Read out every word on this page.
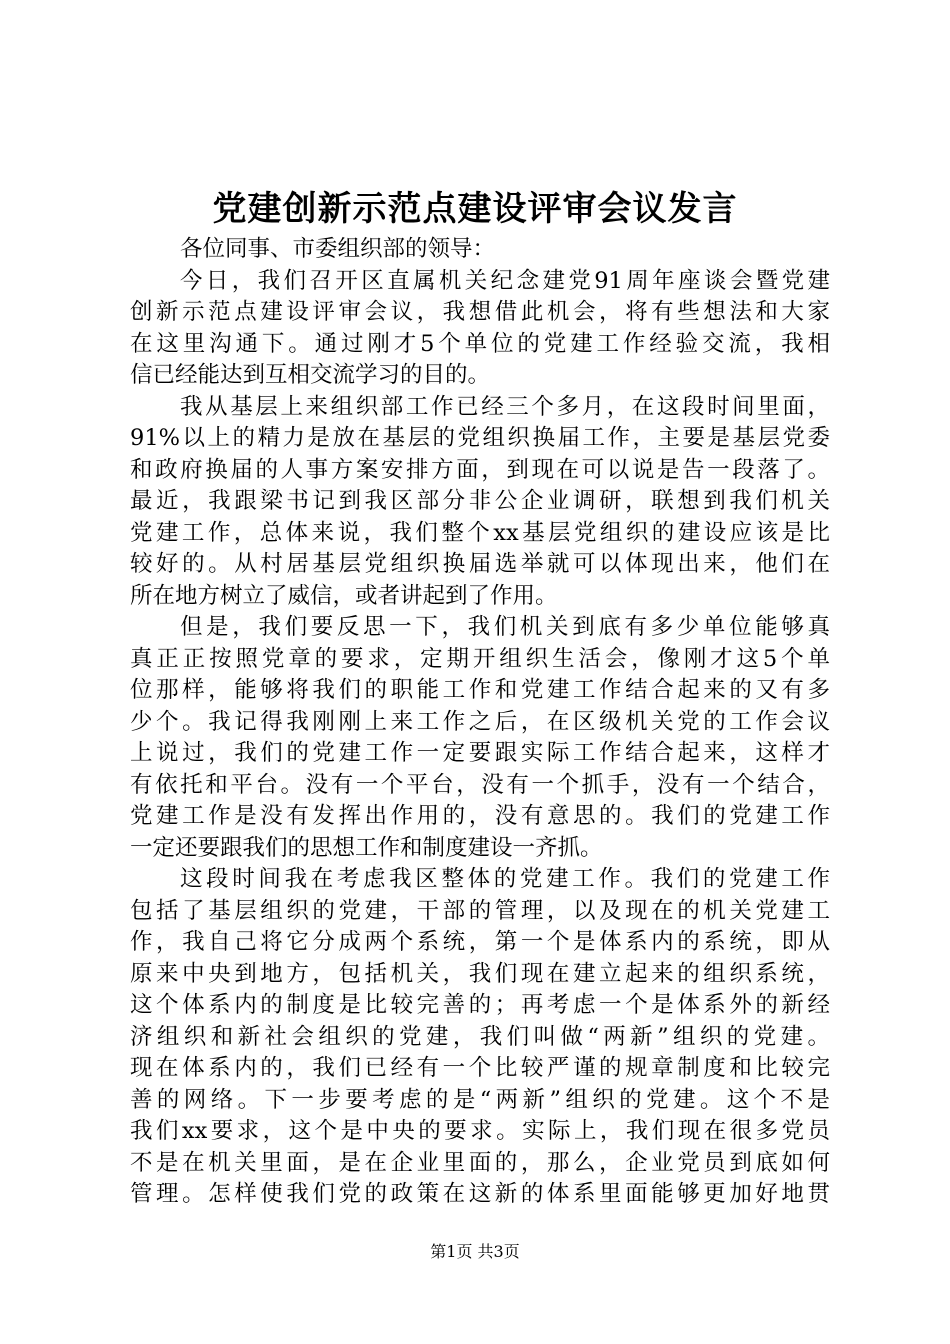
党建创新示范点建设评审会议发言
各位同事、市委组织部的领导：
今日，我们召开区直属机关纪念建党91周年座谈会暨党建
创新示范点建设评审会议，我想借此机会，将有些想法和大家
在这里沟通下。通过刚才5个单位的党建工作经验交流，我相
信已经能达到互相交流学习的目的。
我从基层上来组织部工作已经三个多月，在这段时间里面，
91%以上的精力是放在基层的党组织换届工作，主要是基层党委
和政府换届的人事方案安排方面，到现在可以说是告一段落了。
最近，我跟梁书记到我区部分非公企业调研，联想到我们机关
党建工作，总体来说，我们整个xx基层党组织的建设应该是比
较好的。从村居基层党组织换届选举就可以体现出来，他们在
所在地方树立了威信，或者讲起到了作用。
但是，我们要反思一下，我们机关到底有多少单位能够真
真正正按照党章的要求，定期开组织生活会，像刚才这5个单
位那样，能够将我们的职能工作和党建工作结合起来的又有多
少个。我记得我刚刚上来工作之后，在区级机关党的工作会议
上说过，我们的党建工作一定要跟实际工作结合起来，这样才
有依托和平台。没有一个平台，没有一个抓手，没有一个结合，
党建工作是没有发挥出作用的，没有意思的。我们的党建工作
一定还要跟我们的思想工作和制度建设一齐抓。
这段时间我在考虑我区整体的党建工作。我们的党建工作
包括了基层组织的党建，干部的管理，以及现在的机关党建工
作，我自己将它分成两个系统，第一个是体系内的系统，即从
原来中央到地方，包括机关，我们现在建立起来的组织系统，
这个体系内的制度是比较完善的；再考虑一个是体系外的新经
济组织和新社会组织的党建，我们叫做“两新”组织的党建。
现在体系内的，我们已经有一个比较严谨的规章制度和比较完
善的网络。下一步要考虑的是“两新”组织的党建。这个不是
我们xx要求，这个是中央的要求。实际上，我们现在很多党员
不是在机关里面，是在企业里面的，那么，企业党员到底如何
管理。怎样使我们党的政策在这新的体系里面能够更加好地贯
第1页 共3页
